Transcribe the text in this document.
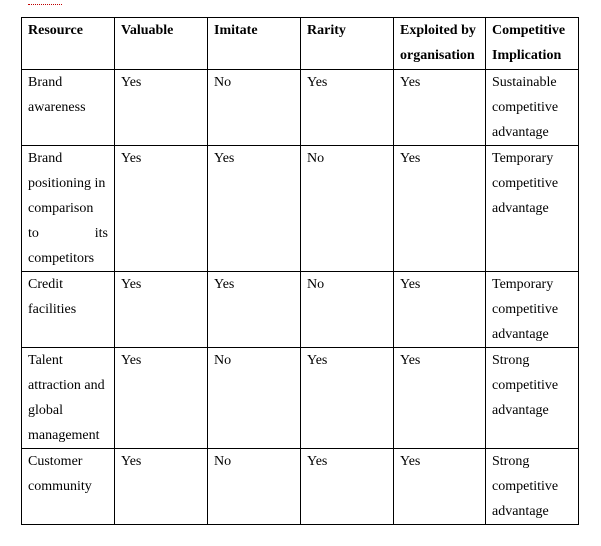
Resource	Valuable	Imitate	Rarity	Exploited by organisation	Competitive Implication
Brand awareness	Yes	No	Yes	Yes	Sustainable competitive advantage

Brand positioning in comparison
to its
competitors	Yes	Yes	No	Yes	Temporary competitive advantage
Credit facilities	Yes	Yes	No	Yes	Temporary competitive advantage
Talent attraction and global management	Yes	No	Yes	Yes	Strong competitive advantage
Customer community	Yes	No	Yes	Yes	Strong competitive advantage
